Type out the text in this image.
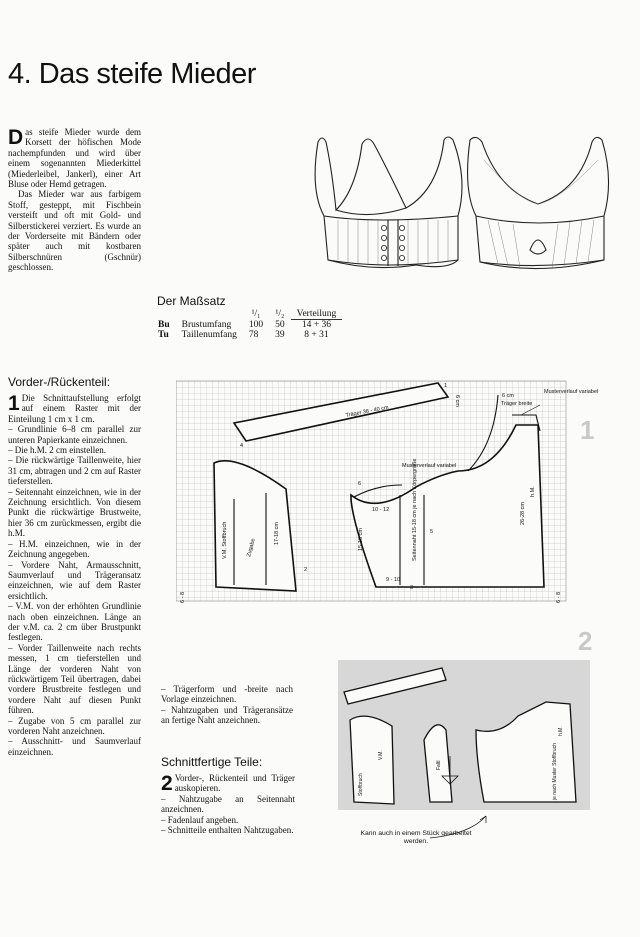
4. Das steife Mieder
D as steife Mieder wurde dem Korsett der höfischen Mode nachempfunden und wird über einem sogenannten Miederkittel (Miederleibel, Jankerl), einer Art Bluse oder Hemd getragen.

Das Mieder war aus farbigem Stoff, gesteppt, mit Fischbein versteift und oft mit Gold- und Silberstickerei verziert. Es wurde an der Vorderseite mit Bändern oder später auch mit kostbaren Silberschnüren (Gschnür) geschlossen.

Der Maßsatz
		¹/₁	¹/₂	Verteilung
Bu	Brustumfang	100	50	14 + 36
Tu	Taillenumfang	78	39	8 + 31
Vorder-/Rückenteil:
1 Die Schnittaufstellung erfolgt auf einem Raster mit der Einteilung 1 cm x 1 cm.

– Grundlinie 6–8 cm parallel zur unteren Papierkante einzeichnen.

– Die h.M. 2 cm einstellen.

– Die rückwärtige Taillenweite, hier 31 cm, abtragen und 2 cm auf Raster tieferstellen.

– Seitennaht einzeichnen, wie in der Zeichnung ersichtlich. Von diesem Punkt die rückwärtige Brustweite, hier 36 cm zurückmessen, ergibt die h.M.

– H.M. einzeichnen, wie in der Zeichnung angegeben.

– Vordere Naht, Armausschnitt, Saumverlauf und Trägeransatz einzeichnen, wie auf dem Raster ersichtlich.

– V.M. von der erhöhten Grundlinie nach oben einzeichnen. Länge an der v.M. ca. 2 cm über Brustpunkt festlegen.

– Vorder Taillenweite nach rechts messen, 1 cm tieferstellen und Länge der vorderen Naht von rückwärtigem Teil übertragen, dabei vordere Brustbreite festlegen und vordere Naht auf diesen Punkt führen.

– Zugabe von 5 cm parallel zur vorderen Naht anzeichnen.

– Ausschnitt- und Saumverlauf einzeichnen.

Träger 38 - 40 cm
Musterverlauf variabel
Musterverlauf variabel
Träger breite
V.M. Stoffbruch
h.M.
17-18 cm
26-28 cm
15-18 cm	Seitennaht 15-18 cm je nach Körpergröße
10 - 12
9 - 10
6 - 8	6 - 8
6 cm	6 cm
2
4
1
5
6
3
Zugabe
1

– Trägerform und -breite nach Vorlage einzeichnen.

– Nahtzugaben und Trägeransätze an fertige Naht anzeichnen.

Schnittfertige Teile:
2 Vorder-, Rückenteil und Träger auskopieren.

– Nahtzugabe an Seitennaht anzeichnen.

– Fadenlauf angeben.

– Schnitteile enthalten Nahtzugaben.

2
V.M.
Stoffbruch
Faltl
h.M.
je nach Muster Stoffbruch
Kann auch in einem Stück gearbeitet werden.
